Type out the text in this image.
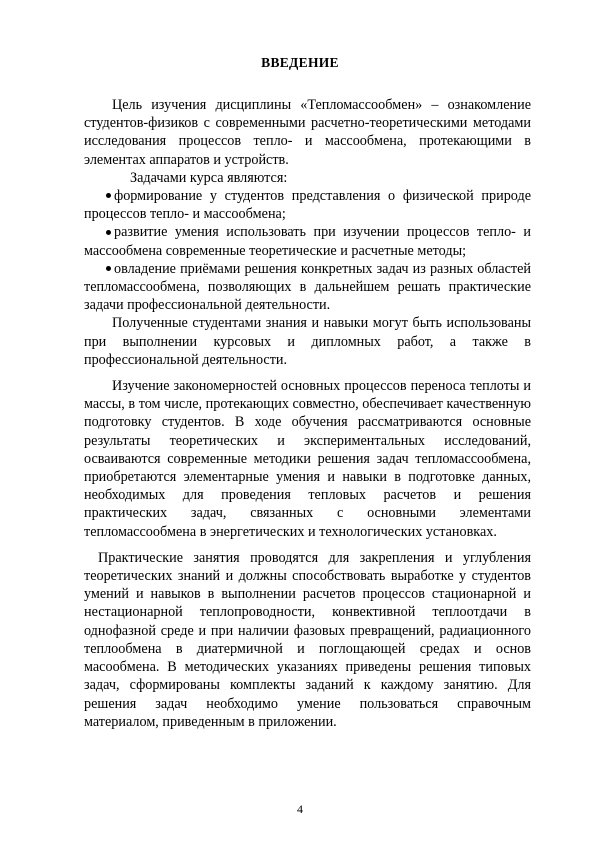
ВВЕДЕНИЕ

Цель изучения дисциплины «Тепломассообмен» – ознакомление студентов-физиков с современными расчетно-теоретическими методами исследования процессов тепло- и массообмена, протекающими в элементах аппаратов и устройств.

Задачами курса являются:

формирование у студентов представления о физической природе процессов тепло- и массообмена;

развитие умения использовать при изучении процессов тепло- и массообмена современные теоретические и расчетные методы;

овладение приёмами решения конкретных задач из разных областей тепломассообмена, позволяющих в дальнейшем решать практические задачи профессиональной деятельности.

Полученные студентами знания и навыки могут быть использованы при выполнении курсовых и дипломных работ, а также в профессиональной деятельности.

Изучение закономерностей основных процессов переноса теплоты и массы, в том числе, протекающих совместно, обеспечивает качественную подготовку студентов. В ходе обучения рассматриваются основные результаты теоретических и экспериментальных исследований, осваиваются современные методики решения задач тепломассообмена, приобретаются элементарные умения и навыки в подготовке данных, необходимых для проведения тепловых расчетов и решения практических задач, связанных с основными элементами тепломассообмена в энергетических и технологических установках.

Практические занятия проводятся для закрепления и углубления теоретических знаний и должны способствовать выработке у студентов умений и навыков в выполнении расчетов процессов стационарной и нестационарной теплопроводности, конвективной теплоотдачи в однофазной среде и при наличии фазовых превращений, радиационного теплообмена в диатермичной и поглощающей средах и основ масообмена. В методических указаниях приведены решения типовых задач, сформированы комплекты заданий к каждому занятию. Для решения задач необходимо умение пользоваться справочным материалом, приведенным в приложении.

4
